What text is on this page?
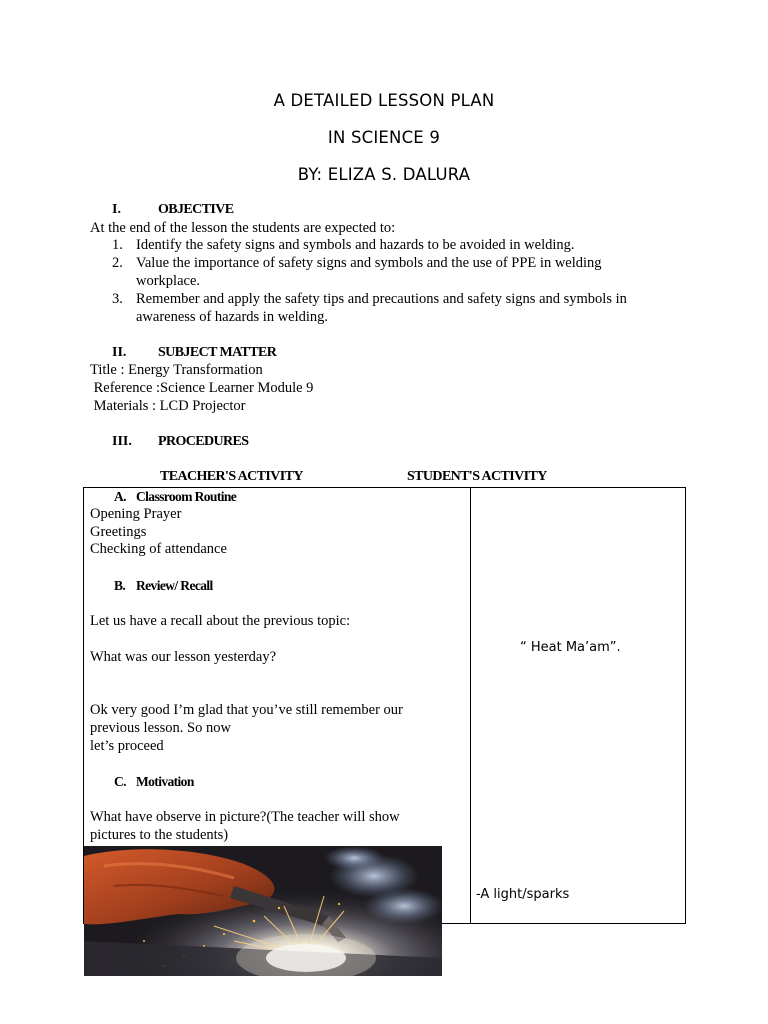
A DETAILED LESSON PLAN
IN SCIENCE 9
BY: ELIZA S. DALURA
I.	OBJECTIVE
At the end of the lesson the students are expected to:
1. Identify the safety signs and symbols and hazards to be avoided in welding.
2. Value the importance of safety signs and symbols and the use of PPE in welding
workplace.
3. Remember and apply the safety tips and precautions and safety signs and symbols in
awareness of hazards in welding.
II. SUBJECT MATTER
Title : Energy Transformation
Reference :Science Learner Module 9
Materials : LCD Projector
III. PROCEDURES
TEACHER'S ACTIVITY	STUDENT'S ACTIVITY
A. Classroom Routine
Opening Prayer
Greetings
Checking of attendance
B. Review/ Recall
Let us have a recall about the previous topic:
What was our lesson yesterday?
Ok very good I’m glad that you’ve still remember our
previous lesson. So now
let’s proceed
C. Motivation
What have observe in picture?(The teacher will show
pictures to the students)
“ Heat Ma’am”.
-A light/sparks
